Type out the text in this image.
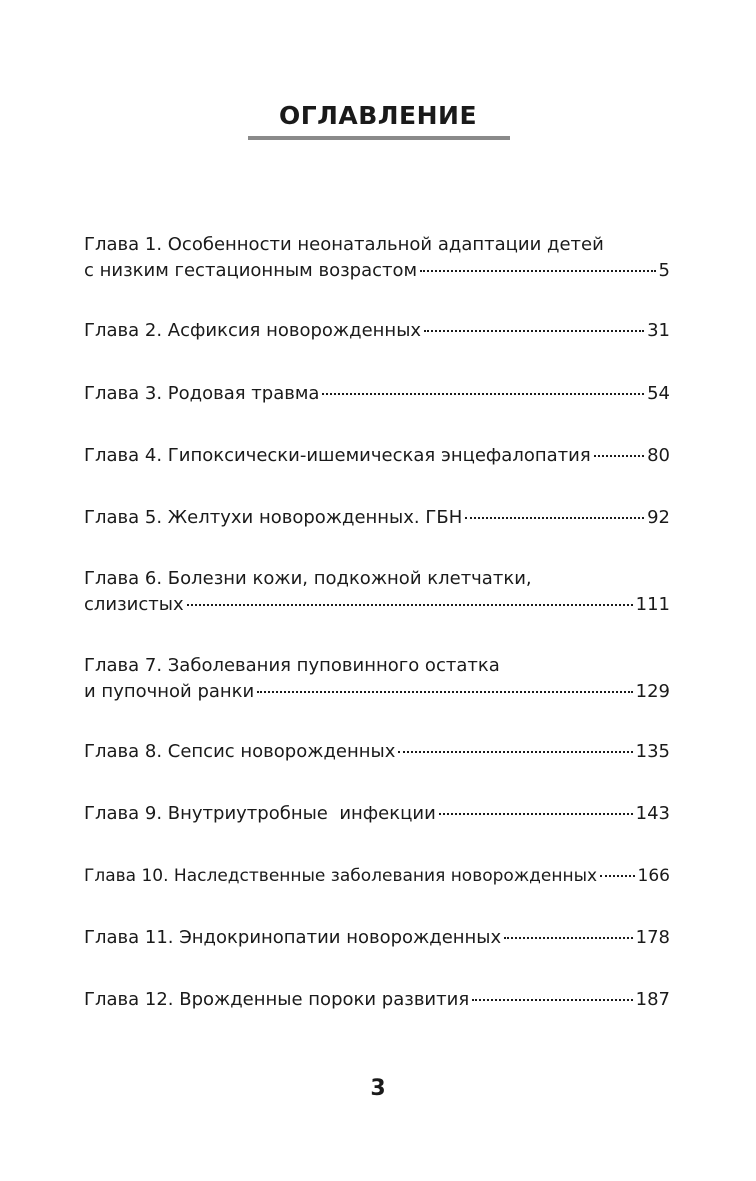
ОГЛАВЛЕНИЕ
Глава 1. Особенности неонатальной адаптации детей
с низким гестационным возрастом	5
Глава 2. Асфиксия новорожденных	31
Глава 3. Родовая травма	54
Глава 4. Гипоксически-ишемическая энцефалопатия	80
Глава 5. Желтухи новорожденных. ГБН	92
Глава 6. Болезни кожи, подкожной клетчатки,
слизистых	111
Глава 7. Заболевания пуповинного остатка
и пупочной ранки	129
Глава 8. Сепсис новорожденных	135
Глава 9. Внутриутробные  инфекции	143
Глава 10. Наследственные заболевания новорожденных 166
Глава 11. Эндокринопатии новорожденных	178
Глава 12. Врожденные пороки развития	187
3
